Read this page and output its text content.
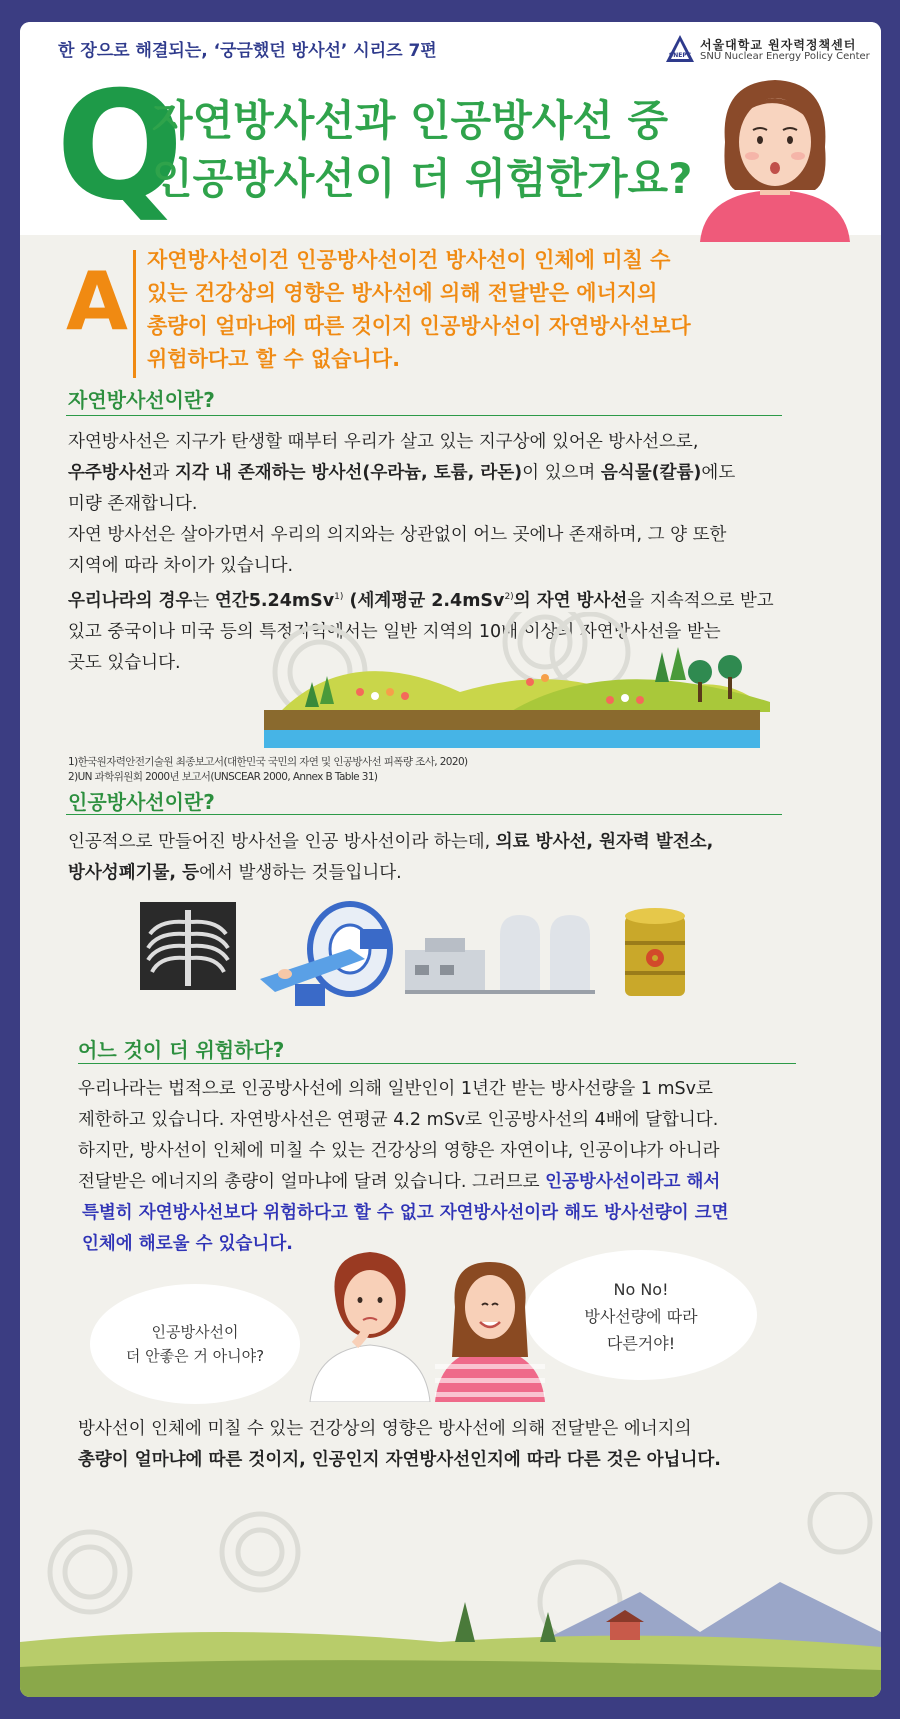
한 장으로 해결되는, ‘궁금했던 방사선’ 시리즈 7편	SNEPC
서울대학교 원자력정책센터
SNU Nuclear Energy Policy Center
Q
자연방사선과 인공방사선 중
인공방사선이 더 위험한가요?
A 자연방사선이건 인공방사선이건 방사선이 인체에 미칠 수
있는 건강상의 영향은 방사선에 의해 전달받은 에너지의
총량이 얼마냐에 따른 것이지 인공방사선이 자연방사선보다
위험하다고 할 수 없습니다.
자연방사선이란?
자연방사선은 지구가 탄생할 때부터 우리가 살고 있는 지구상에 있어온 방사선으로,
우주방사선과 지각 내 존재하는 방사선(우라늄, 토륨, 라돈)이 있으며 음식물(칼륨)에도
미량 존재합니다.
자연 방사선은 살아가면서 우리의 의지와는 상관없이 어느 곳에나 존재하며, 그 양 또한
지역에 따라 차이가 있습니다.
우리나라의 경우는 연간5.24mSv$^{1)}$ (세계평균 2.4mSv$^{2)}$의 자연 방사선을 지속적으로 받고
있고 중국이나 미국 등의 특정지역에서는 일반 지역의 10배 이상의 자연방사선을 받는
곳도 있습니다.
1)한국원자력안전기술원 최종보고서(대한민국 국민의 자연 및 인공방사선 피폭량 조사, 2020)
2)UN 과학위원회 2000년 보고서(UNSCEAR 2000, Annex B Table 31)
인공방사선이란?
인공적으로 만들어진 방사선을 인공 방사선이라 하는데, 의료 방사선, 원자력 발전소,
방사성폐기물, 등에서 발생하는 것들입니다.
어느 것이 더 위험하다?
우리나라는 법적으로 인공방사선에 의해 일반인이 1년간 받는 방사선량을 1 mSv로
제한하고 있습니다. 자연방사선은 연평균 4.2 mSv로 인공방사선의 4배에 달합니다.
하지만, 방사선이 인체에 미칠 수 있는 건강상의 영향은 자연이냐, 인공이냐가 아니라
전달받은 에너지의 총량이 얼마냐에 달려 있습니다. 그러므로 인공방사선이라고 해서
특별히 자연방사선보다 위험하다고 할 수 없고 자연방사선이라 해도 방사선량이 크면
인체에 해로울 수 있습니다.
인공방사선이
더 안좋은 거 아니야?
No No!
방사선량에 따라
다른거야!
방사선이 인체에 미칠 수 있는 건강상의 영향은 방사선에 의해 전달받은 에너지의
총량이 얼마냐에 따른 것이지, 인공인지 자연방사선인지에 따라 다른 것은 아닙니다.
